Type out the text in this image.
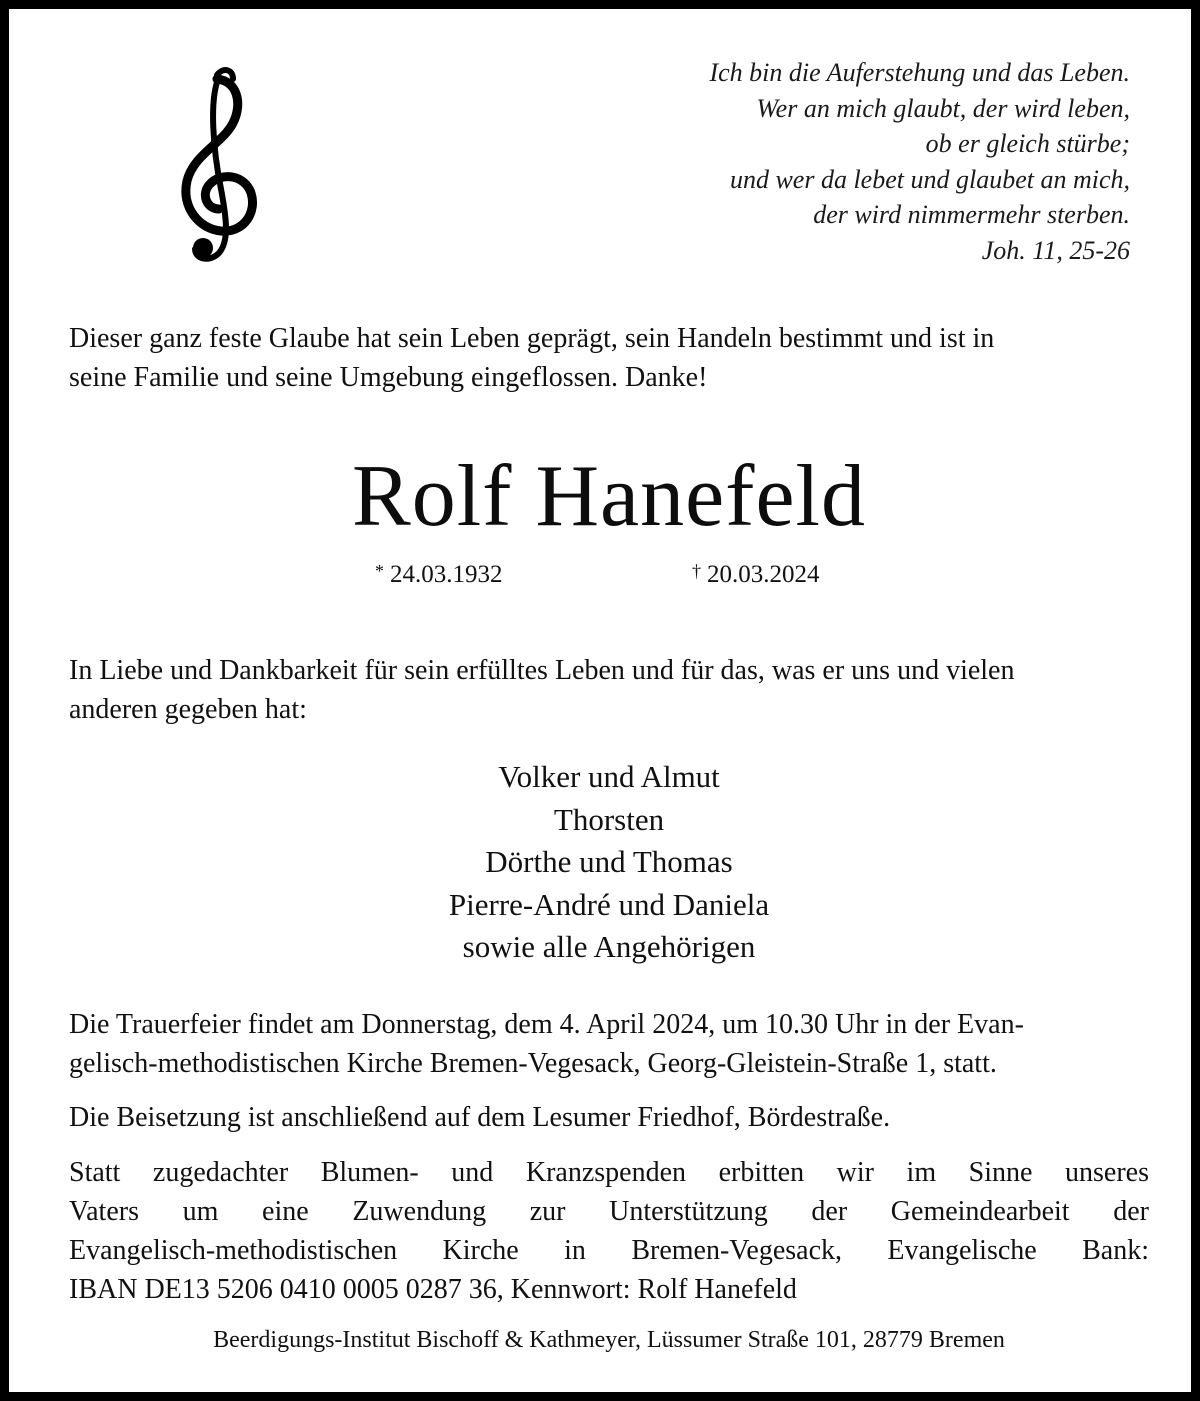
Ich bin die Auferstehung und das Leben.
Wer an mich glaubt, der wird leben,
ob er gleich stürbe;
und wer da lebet und glaubet an mich,
der wird nimmermehr sterben.
Joh. 11, 25-26
Dieser ganz feste Glaube hat sein Leben geprägt, sein Handeln bestimmt und ist in
seine Familie und seine Umgebung eingeflossen. Danke!
Rolf Hanefeld
* 24.03.1932	† 20.03.2024
In Liebe und Dankbarkeit für sein erfülltes Leben und für das, was er uns und vielen
anderen gegeben hat:
Volker und Almut
Thorsten
Dörthe und Thomas
Pierre-André und Daniela
sowie alle Angehörigen
Die Trauerfeier findet am Donnerstag, dem 4. April 2024, um 10.30 Uhr in der Evan-
gelisch-methodistischen Kirche Bremen-Vegesack, Georg-Gleistein-Straße 1, statt.
Die Beisetzung ist anschließend auf dem Lesumer Friedhof, Bördestraße.
Statt zugedachter Blumen- und Kranzspenden erbitten wir im Sinne unseres
Vaters um eine Zuwendung zur Unterstützung der Gemeindearbeit der
Evangelisch-methodistischen Kirche in Bremen-Vegesack, Evangelische Bank:
IBAN DE13 5206 0410 0005 0287 36, Kennwort: Rolf Hanefeld
Beerdigungs-Institut Bischoff & Kathmeyer, Lüssumer Straße 101, 28779 Bremen
